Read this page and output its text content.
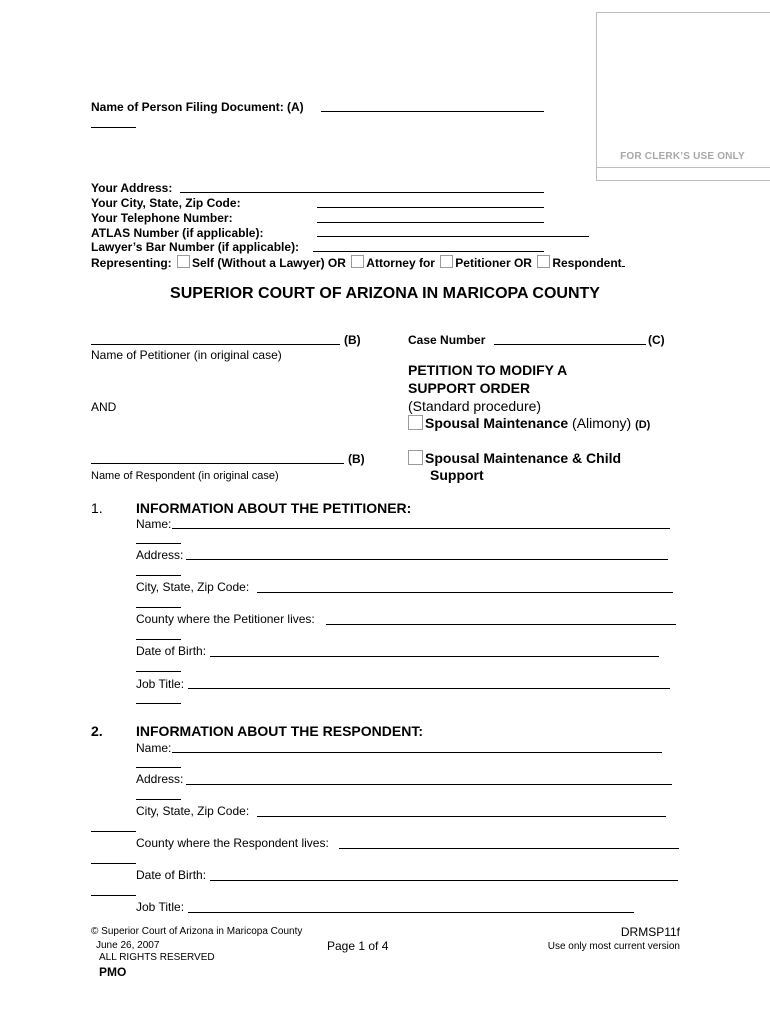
FOR CLERK’S USE ONLY
Name of Person Filing Document: (A)
Your Address:
Your City, State, Zip Code:
Your Telephone Number:
ATLAS Number (if applicable):
Lawyer’s Bar Number (if applicable):
Representing: Self (Without a Lawyer) OR Attorney for Petitioner OR Respondent
SUPERIOR COURT OF ARIZONA IN MARICOPA COUNTY
(B)
Name of Petitioner (in original case)
AND
(B)
Name of Respondent (in original case)
Case Number	(C)
PETITION TO MODIFY A
SUPPORT ORDER
(Standard procedure)
Spousal Maintenance (Alimony) (D)
Spousal Maintenance & Child
Support
1. INFORMATION ABOUT THE PETITIONER:
Name:
Address:
City, State, Zip Code:
County where the Petitioner lives:
Date of Birth:
Job Title:
2. INFORMATION ABOUT THE RESPONDENT:
Name:
Address:
City, State, Zip Code:
County where the Respondent lives:
Date of Birth:
Job Title:
© Superior Court of Arizona in Maricopa County
June 26, 2007
ALL RIGHTS RESERVED
PMO
Page 1 of 4
DRMSP11f
Use only most current version
